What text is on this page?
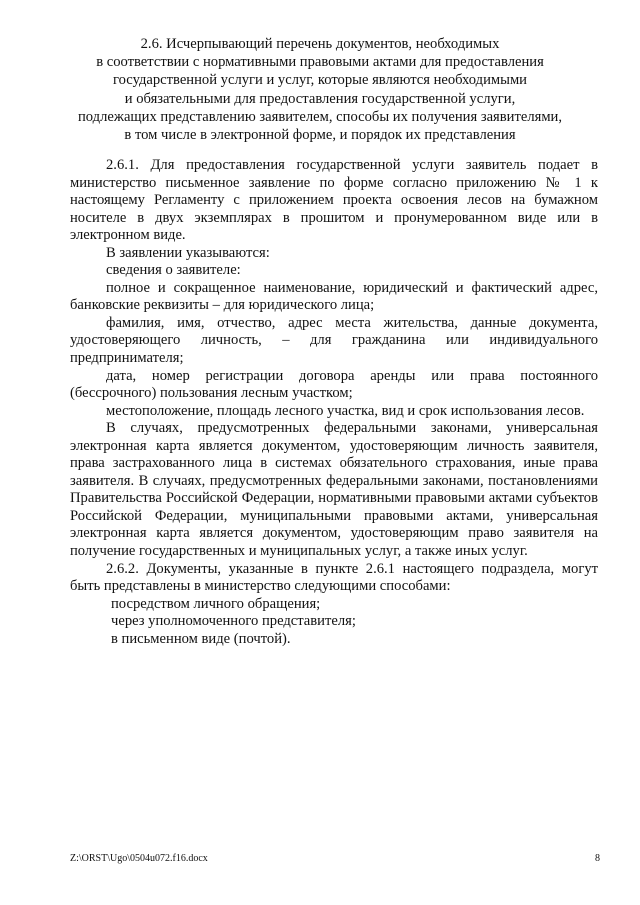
2.6. Исчерпывающий перечень документов, необходимых
в соответствии с нормативными правовыми актами для предоставления
государственной услуги и услуг, которые являются необходимыми
и обязательными для предоставления государственной услуги,
подлежащих представлению заявителем, способы их получения заявителями,
в том числе в электронной форме, и порядок их представления

2.6.1. Для предоставления государственной услуги заявитель подает в министерство письменное заявление по форме согласно приложению № 1 к настоящему Регламенту с приложением проекта освоения лесов на бумажном носителе в двух экземплярах в прошитом и пронумерованном виде или в электронном виде.

В заявлении указываются:

сведения о заявителе:

полное и сокращенное наименование, юридический и фактический адрес, банковские реквизиты – для юридического лица;

фамилия, имя, отчество, адрес места жительства, данные документа, удостоверяющего личность, – для гражданина или индивидуального предпринимателя;

дата, номер регистрации договора аренды или права постоянного (бессрочного) пользования лесным участком;

местоположение, площадь лесного участка, вид и срок использования лесов.

В случаях, предусмотренных федеральными законами, универсальная электронная карта является документом, удостоверяющим личность заявителя, права застрахованного лица в системах обязательного страхования, иные права заявителя. В случаях, предусмотренных федеральными законами, постановлениями Правительства Российской Федерации, нормативными правовыми актами субъектов Российской Федерации, муниципальными правовыми актами, универсальная электронная карта является документом, удостоверяющим право заявителя на получение государственных и муниципальных услуг, а также иных услуг.

2.6.2. Документы, указанные в пункте 2.6.1 настоящего подраздела, могут быть представлены в министерство следующими способами:

посредством личного обращения;

через уполномоченного представителя;

в письменном виде (почтой).

Z:\ORST\Ugo\0504u072.f16.docx	8
